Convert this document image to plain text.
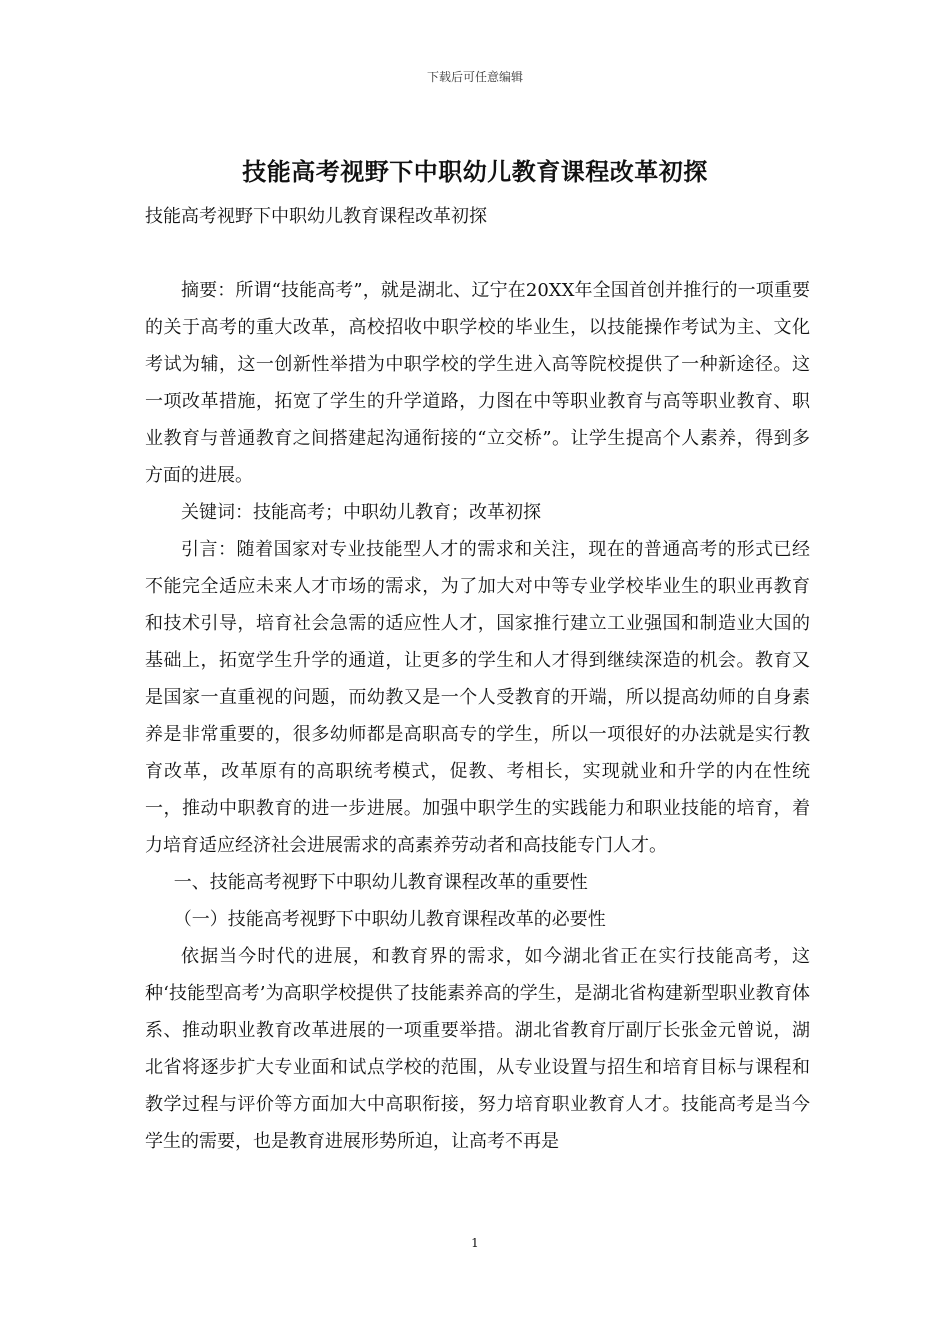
下载后可任意编辑
技能高考视野下中职幼儿教育课程改革初探
技能高考视野下中职幼儿教育课程改革初探

摘要：所谓“技能高考”，就是湖北、辽宁在20XX年全国首创并推行的一项重要的关于高考的重大改革，高校招收中职学校的毕业生，以技能操作考试为主、文化考试为辅，这一创新性举措为中职学校的学生进入高等院校提供了一种新途径。这一项改革措施，拓宽了学生的升学道路，力图在中等职业教育与高等职业教育、职业教育与普通教育之间搭建起沟通衔接的“立交桥”。让学生提高个人素养，得到多方面的进展。

关键词：技能高考；中职幼儿教育；改革初探

引言：随着国家对专业技能型人才的需求和关注，现在的普通高考的形式已经不能完全适应未来人才市场的需求，为了加大对中等专业学校毕业生的职业再教育和技术引导，培育社会急需的适应性人才，国家推行建立工业强国和制造业大国的基础上，拓宽学生升学的通道，让更多的学生和人才得到继续深造的机会。教育又是国家一直重视的问题，而幼教又是一个人受教育的开端，所以提高幼师的自身素养是非常重要的，很多幼师都是高职高专的学生，所以一项很好的办法就是实行教育改革，改革原有的高职统考模式，促教、考相长，实现就业和升学的内在性统一，推动中职教育的进一步进展。加强中职学生的实践能力和职业技能的培育，着力培育适应经济社会进展需求的高素养劳动者和高技能专门人才。

一、技能高考视野下中职幼儿教育课程改革的重要性

（一）技能高考视野下中职幼儿教育课程改革的必要性

依据当今时代的进展，和教育界的需求，如今湖北省正在实行技能高考，这种‘技能型高考’为高职学校提供了技能素养高的学生，是湖北省构建新型职业教育体系、推动职业教育改革进展的一项重要举措。湖北省教育厅副厅长张金元曾说，湖北省将逐步扩大专业面和试点学校的范围，从专业设置与招生和培育目标与课程和教学过程与评价等方面加大中高职衔接，努力培育职业教育人才。技能高考是当今学生的需要，也是教育进展形势所迫，让高考不再是

1
